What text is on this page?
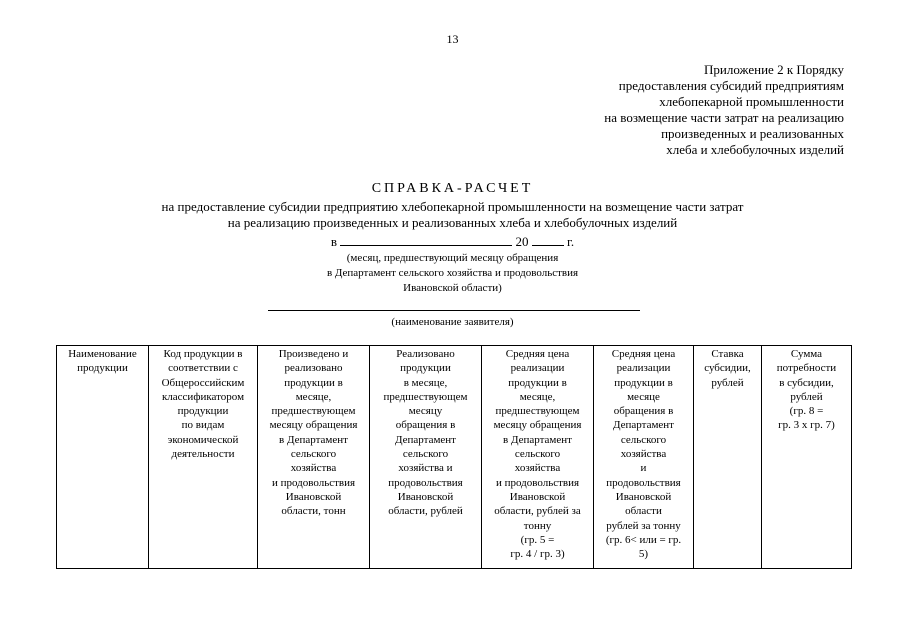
13
Приложение 2 к Порядку
предоставления субсидий предприятиям
хлебопекарной промышленности
на возмещение части затрат на реализацию
произведенных и реализованных
хлеба и хлебобулочных изделий
СПРАВКА-РАСЧЕТ
на предоставление субсидии предприятию хлебопекарной промышленности на возмещение части затрат
на реализацию произведенных и реализованных хлеба и хлебобулочных изделий
в	20	г.
(месяц, предшествующий месяцу обращения
в Департамент сельского хозяйства и продовольствия
Ивановской области)
(наименование заявителя)
Наименование
продукции

Код продукции в
соответствии с
Общероссийским
классификатором
продукции
по видам
экономической
деятельности

Произведено и
реализовано
продукции в
месяце,
предшествующем
месяцу обращения
в Департамент
сельского
хозяйства
и продовольствия
Ивановской
области, тонн

Реализовано
продукции
в месяце,
предшествующем
месяцу
обращения в
Департамент
сельского
хозяйства и
продовольствия
Ивановской
области, рублей

Средняя цена
реализации
продукции в
месяце,
предшествующем
месяцу обращения
в Департамент
сельского
хозяйства
и продовольствия
Ивановской
области, рублей за
тонну
(гр. 5 =
гр. 4 / гр. 3)

Средняя цена
реализации
продукции в
месяце
обращения в
Департамент
сельского
хозяйства
и
продовольствия
Ивановской
области
рублей за тонну
(гр. 6< или = гр.
5)

Ставка
субсидии,
рублей

Сумма
потребности
в субсидии,
рублей
(гр. 8 =
гр. 3 х гр. 7)
